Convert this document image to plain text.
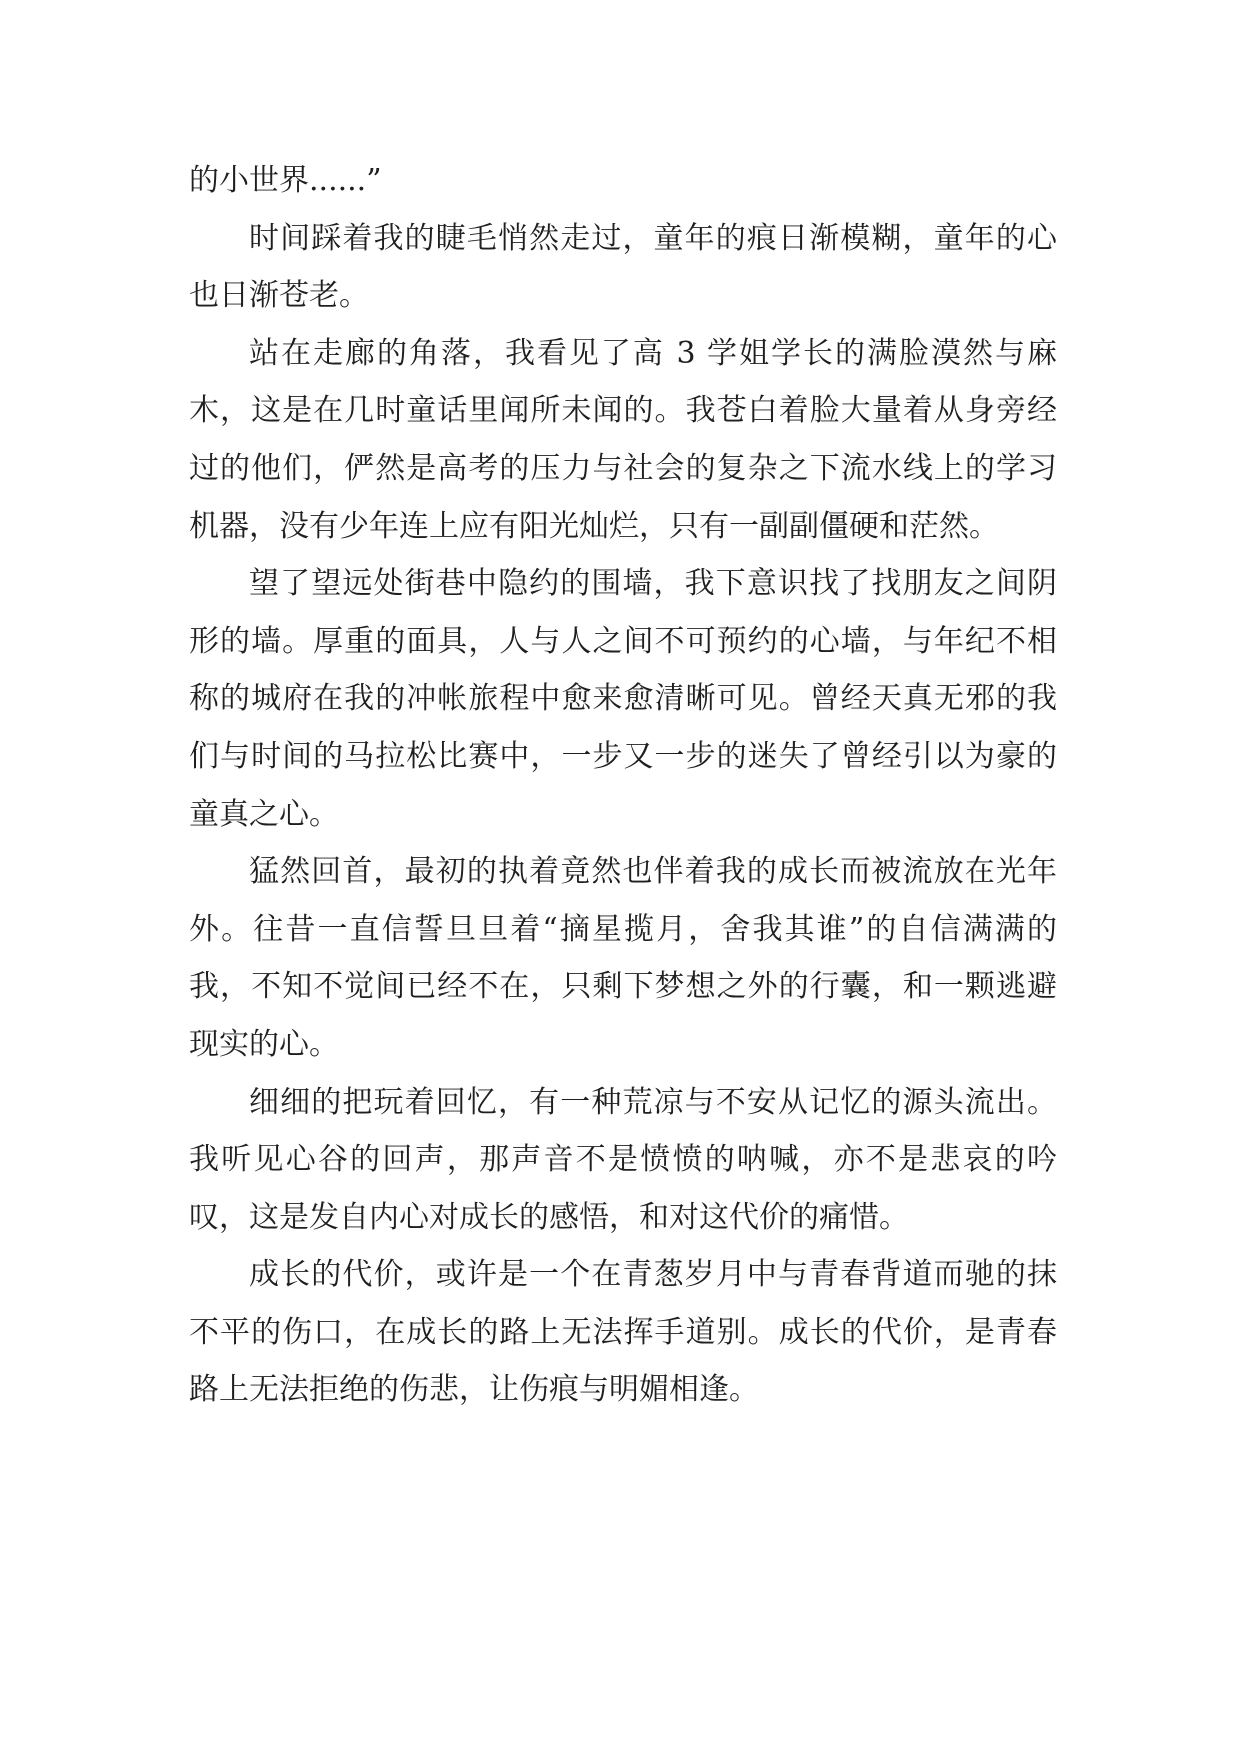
的小世界......”

时间踩着我的睫毛悄然走过，童年的痕日渐模糊，童年的心也日渐苍老。

站在走廊的角落，我看见了高 3 学姐学长的满脸漠然与麻木，这是在几时童话里闻所未闻的。我苍白着脸大量着从身旁经过的他们，俨然是高考的压力与社会的复杂之下流水线上的学习机器，没有少年连上应有阳光灿烂，只有一副副僵硬和茫然。

望了望远处街巷中隐约的围墙，我下意识找了找朋友之间阴形的墙。厚重的面具，人与人之间不可预约的心墙，与年纪不相称的城府在我的冲帐旅程中愈来愈清晰可见。曾经天真无邪的我们与时间的马拉松比赛中，一步又一步的迷失了曾经引以为豪的童真之心。

猛然回首，最初的执着竟然也伴着我的成长而被流放在光年外。往昔一直信誓旦旦着“摘星揽月，舍我其谁”的自信满满的我，不知不觉间已经不在，只剩下梦想之外的行囊，和一颗逃避现实的心。

细细的把玩着回忆，有一种荒凉与不安从记忆的源头流出。我听见心谷的回声，那声音不是愤愤的呐喊，亦不是悲哀的吟叹，这是发自内心对成长的感悟，和对这代价的痛惜。

成长的代价，或许是一个在青葱岁月中与青春背道而驰的抹不平的伤口，在成长的路上无法挥手道别。成长的代价，是青春路上无法拒绝的伤悲，让伤痕与明媚相逢。
